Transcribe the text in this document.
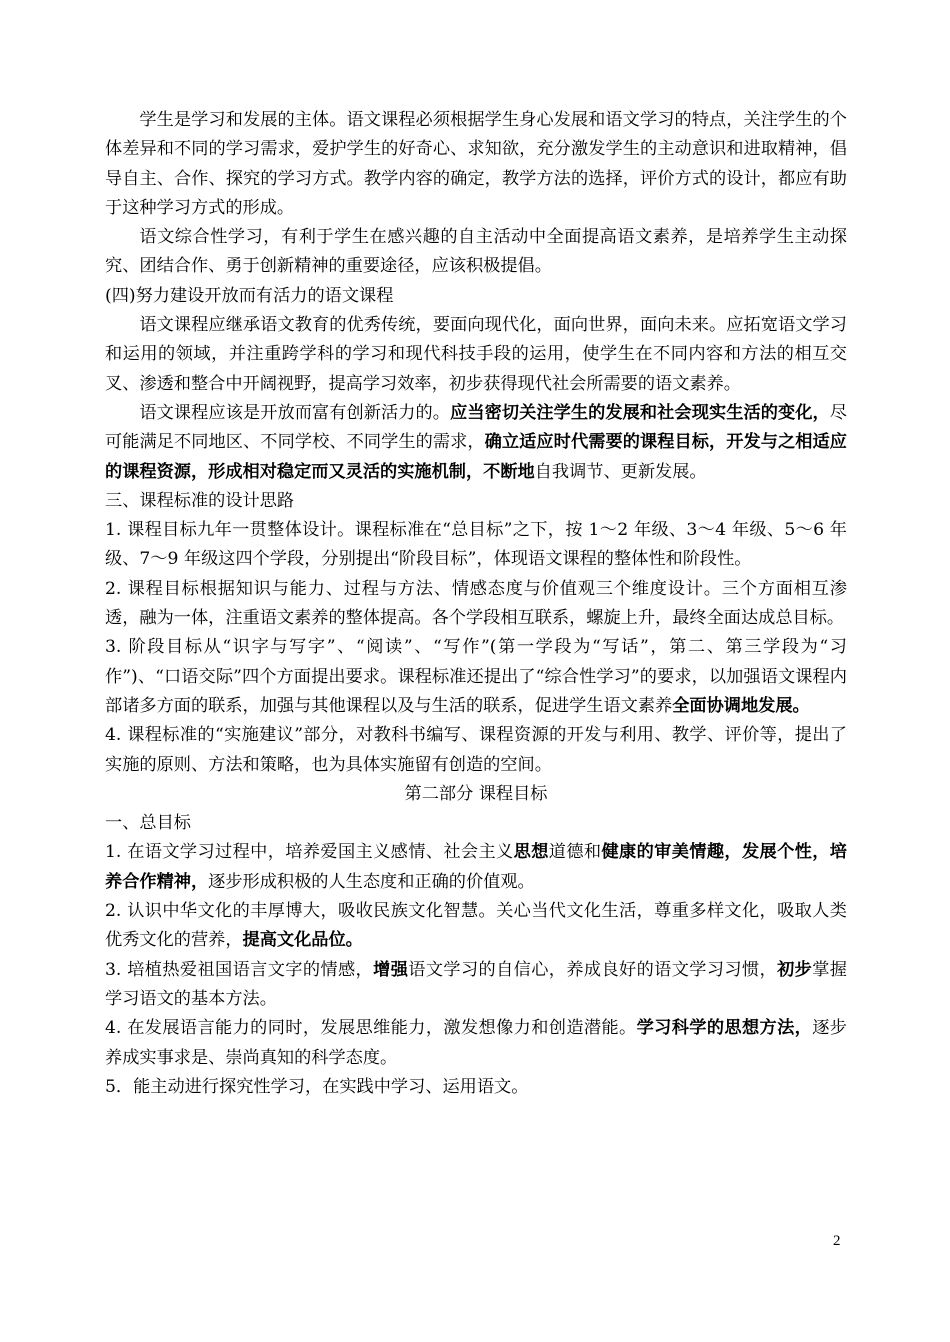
学生是学习和发展的主体。语文课程必须根据学生身心发展和语文学习的特点，关注学生的个体差异和不同的学习需求，爱护学生的好奇心、求知欲，充分激发学生的主动意识和进取精神，倡导自主、合作、探究的学习方式。教学内容的确定，教学方法的选择，评价方式的设计，都应有助于这种学习方式的形成。

语文综合性学习，有利于学生在感兴趣的自主活动中全面提高语文素养，是培养学生主动探究、团结合作、勇于创新精神的重要途径，应该积极提倡。

(四)努力建设开放而有活力的语文课程

语文课程应继承语文教育的优秀传统，要面向现代化，面向世界，面向未来。应拓宽语文学习和运用的领域，并注重跨学科的学习和现代科技手段的运用，使学生在不同内容和方法的相互交叉、渗透和整合中开阔视野，提高学习效率，初步获得现代社会所需要的语文素养。

语文课程应该是开放而富有创新活力的。应当密切关注学生的发展和社会现实生活的变化，尽可能满足不同地区、不同学校、不同学生的需求，确立适应时代需要的课程目标，开发与之相适应的课程资源，形成相对稳定而又灵活的实施机制，不断地自我调节、更新发展。

三、课程标准的设计思路

1. 课程目标九年一贯整体设计。课程标准在“总目标”之下，按 1～2 年级、3～4 年级、5～6 年级、7～9 年级这四个学段，分别提出“阶段目标”，体现语文课程的整体性和阶段性。

2. 课程目标根据知识与能力、过程与方法、情感态度与价值观三个维度设计。三个方面相互渗透，融为一体，注重语文素养的整体提高。各个学段相互联系，螺旋上升，最终全面达成总目标。

3. 阶段目标从“识字与写字”、“阅读”、“写作”(第一学段为“写话”，第二、第三学段为“习作”)、“口语交际”四个方面提出要求。课程标准还提出了“综合性学习”的要求，以加强语文课程内部诸多方面的联系，加强与其他课程以及与生活的联系，促进学生语文素养全面协调地发展。

4. 课程标准的“实施建议”部分，对教科书编写、课程资源的开发与利用、教学、评价等，提出了实施的原则、方法和策略，也为具体实施留有创造的空间。

第二部分 课程目标

一、总目标

1. 在语文学习过程中，培养爱国主义感情、社会主义思想道德和健康的审美情趣，发展个性，培养合作精神，逐步形成积极的人生态度和正确的价值观。

2. 认识中华文化的丰厚博大，吸收民族文化智慧。关心当代文化生活，尊重多样文化，吸取人类优秀文化的营养，提高文化品位。

3. 培植热爱祖国语言文字的情感，增强语文学习的自信心，养成良好的语文学习习惯，初步掌握学习语文的基本方法。

4. 在发展语言能力的同时，发展思维能力，激发想像力和创造潜能。学习科学的思想方法，逐步养成实事求是、崇尚真知的科学态度。

5．能主动进行探究性学习，在实践中学习、运用语文。

2
